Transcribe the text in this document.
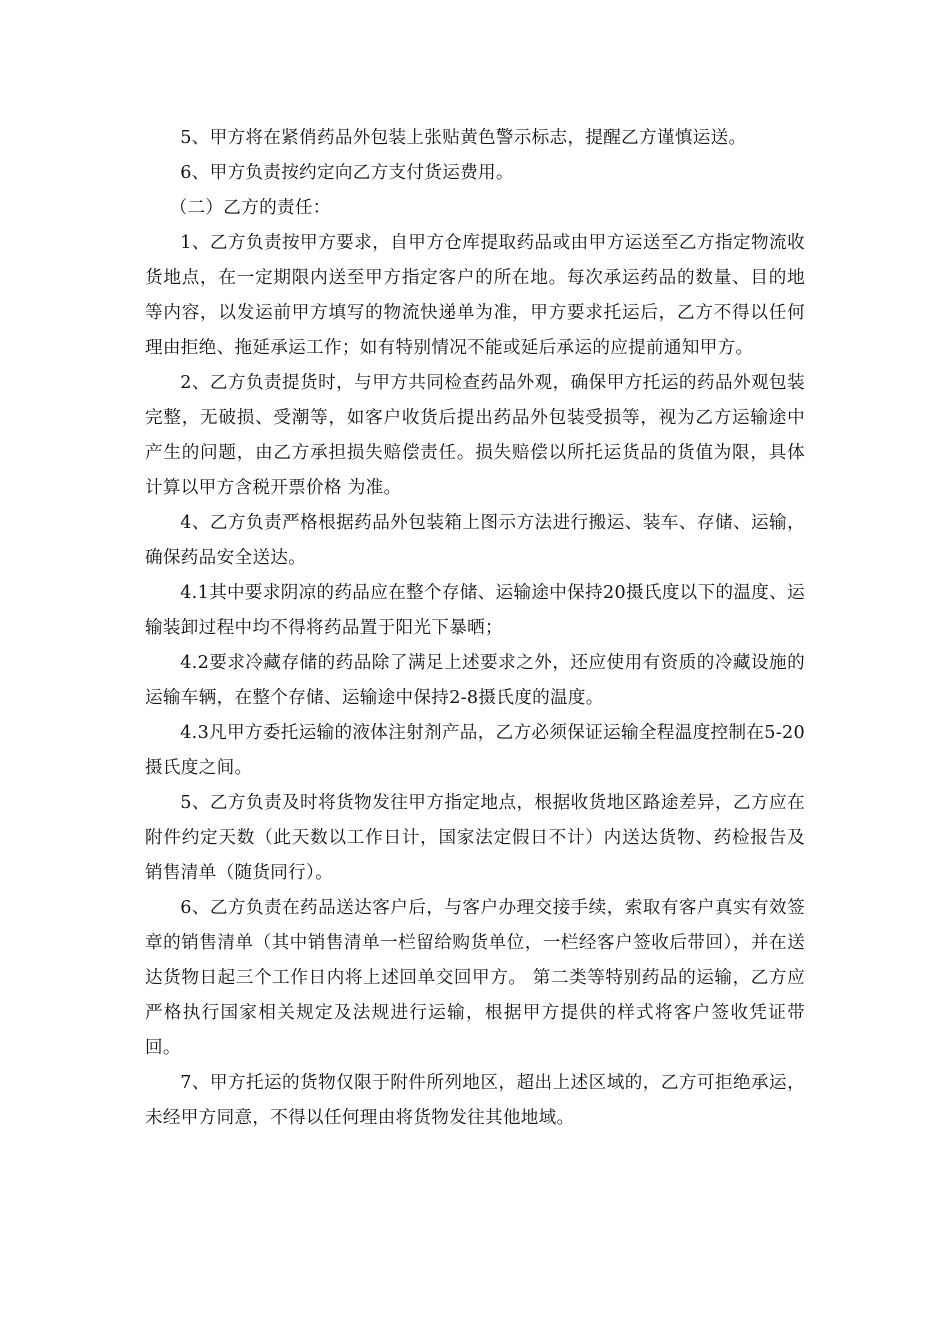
5、甲方将在紧俏药品外包装上张贴黄色警示标志，提醒乙方谨慎运送。

6、甲方负责按约定向乙方支付货运费用。

（二）乙方的责任：

1、乙方负责按甲方要求，自甲方仓库提取药品或由甲方运送至乙方指定物流收货地点，在一定期限内送至甲方指定客户的所在地。每次承运药品的数量、目的地等内容，以发运前甲方填写的物流快递单为准，甲方要求托运后，乙方不得以任何理由拒绝、拖延承运工作；如有特别情况不能或延后承运的应提前通知甲方。

2、乙方负责提货时，与甲方共同检查药品外观，确保甲方托运的药品外观包装完整，无破损、受潮等，如客户收货后提出药品外包装受损等，视为乙方运输途中产生的问题，由乙方承担损失赔偿责任。损失赔偿以所托运货品的货值为限，具体计算以甲方含税开票价格 为准。

4、乙方负责严格根据药品外包装箱上图示方法进行搬运、装车、存储、运输，确保药品安全送达。

4.1其中要求阴凉的药品应在整个存储、运输途中保持20摄氏度以下的温度、运输装卸过程中均不得将药品置于阳光下暴晒；

4.2要求冷藏存储的药品除了满足上述要求之外，还应使用有资质的冷藏设施的运输车辆，在整个存储、运输途中保持2-8摄氏度的温度。

4.3凡甲方委托运输的液体注射剂产品，乙方必须保证运输全程温度控制在5-20摄氏度之间。

5、乙方负责及时将货物发往甲方指定地点，根据收货地区路途差异，乙方应在附件约定天数（此天数以工作日计，国家法定假日不计）内送达货物、药检报告及销售清单（随货同行）。

6、乙方负责在药品送达客户后，与客户办理交接手续，索取有客户真实有效签章的销售清单（其中销售清单一栏留给购货单位，一栏经客户签收后带回），并在送达货物日起三个工作日内将上述回单交回甲方。 第二类等特别药品的运输，乙方应严格执行国家相关规定及法规进行运输，根据甲方提供的样式将客户签收凭证带回。

7、甲方托运的货物仅限于附件所列地区，超出上述区域的，乙方可拒绝承运，未经甲方同意，不得以任何理由将货物发往其他地域。
